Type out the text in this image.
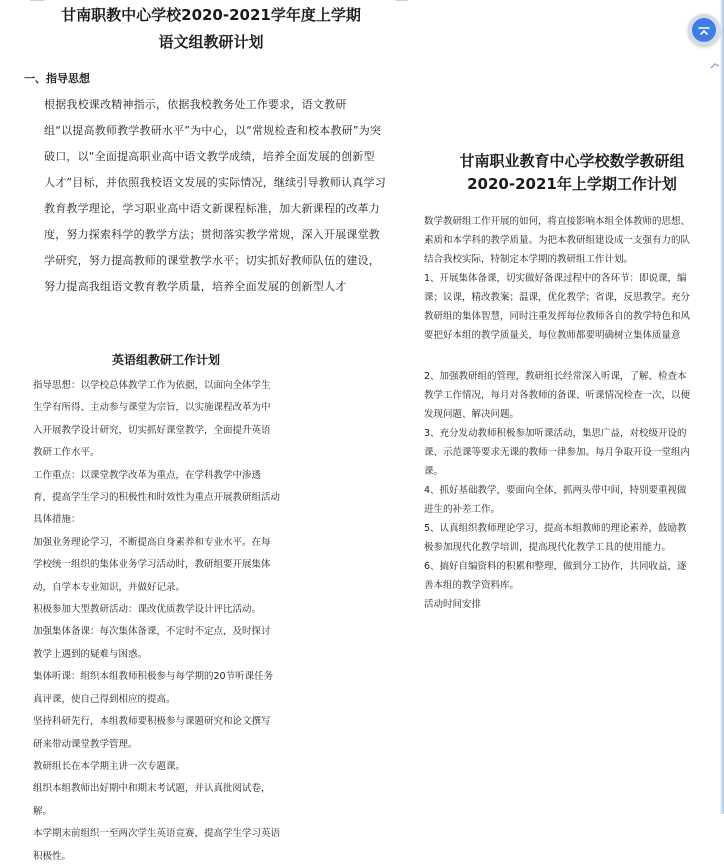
甘南职教中心学校2020-2021学年度上学期
语文组教研计划
一、指导思想
根据我校课改精神指示，依据我校教务处工作要求，语文教研
组“以提高教师教学教研水平”为中心，以“常规检查和校本教研”为突
破口，以“全面提高职业高中语文教学成绩，培养全面发展的创新型
人才”目标，并依照我校语文发展的实际情况，继续引导教师认真学习
教育教学理论，学习职业高中语文新课程标准，加大新课程的改革力
度，努力探索科学的教学方法；贯彻落实教学常规，深入开展课堂教
学研究，努力提高教师的课堂教学水平；切实抓好教师队伍的建设，
努力提高我组语文教育教学质量，培养全面发展的创新型人才
英语组教研工作计划
指导思想：以学校总体教学工作为依据，以面向全体学生
生学有所得、主动参与课堂为宗旨，以实施课程改革为中
入开展教学设计研究，切实抓好课堂教学，全面提升英语
教研工作水平。
工作重点：以课堂教学改革为重点，在学科教学中渗透
育，提高学生学习的积极性和时效性为重点开展教研组活动
具体措施：
加强业务理论学习，不断提高自身素养和专业水平。在每
学校统一组织的集体业务学习活动时，教研组要开展集体
动，自学本专业知识，并做好记录。
积极参加大型教研活动：课改优质教学设计评比活动。
加强集体备课：每次集体备课，不定时不定点，及时探讨
教学上遇到的疑难与困惑。
集体听课：组织本组教师积极参与每学期的20节听课任务
真评课，使自己得到相应的提高。
坚持科研先行，本组教师要积极参与课题研究和论文撰写
研来带动课堂教学管理。
教研组长在本学期主讲一次专题课。
组织本组教师出好期中和期末考试题，并认真批阅试卷，
解。
本学期末前组织一至两次学生英语竞赛，提高学生学习英语
积极性。
甘南职业教育中心学校数学教研组
2020-2021年上学期工作计划
数学教研组工作开展的如何，将直接影响本组全体教师的思想、
素质和本学科的教学质量。为把本教研组建设成一支强有力的队
结合我校实际，特制定本学期的教研组工作计划。
1、开展集体备课，切实做好备课过程中的各环节：即说课，编
课；议课，精改教案；温课，优化教学；省课，反思教学。充分
教研组的集体智慧，同时注重发挥每位教师各自的教学特色和风
要把好本组的教学质量关，每位教师都要明确树立集体质量意
2、加强教研组的管理，教研组长经常深入听课，了解、检查本
教学工作情况，每月对各教师的备课、听课情况检查一次，以便
发现问题、解决问题。
3、充分发动教师积极参加听课活动，集思广益，对校级开设的
课、示范课等要求无课的教师一律参加。每月争取开设一堂组内
课。
4、抓好基础教学，要面向全体，抓两头带中间，特别要重视做
进生的补差工作。
5、认真组织教师理论学习，提高本组教师的理论素养，鼓励教
极参加现代化教学培训，提高现代化教学工具的使用能力。
6、搞好自编资料的积累和整理，做到分工协作，共同收益，逐
善本组的教学资料库。
活动时间安排
